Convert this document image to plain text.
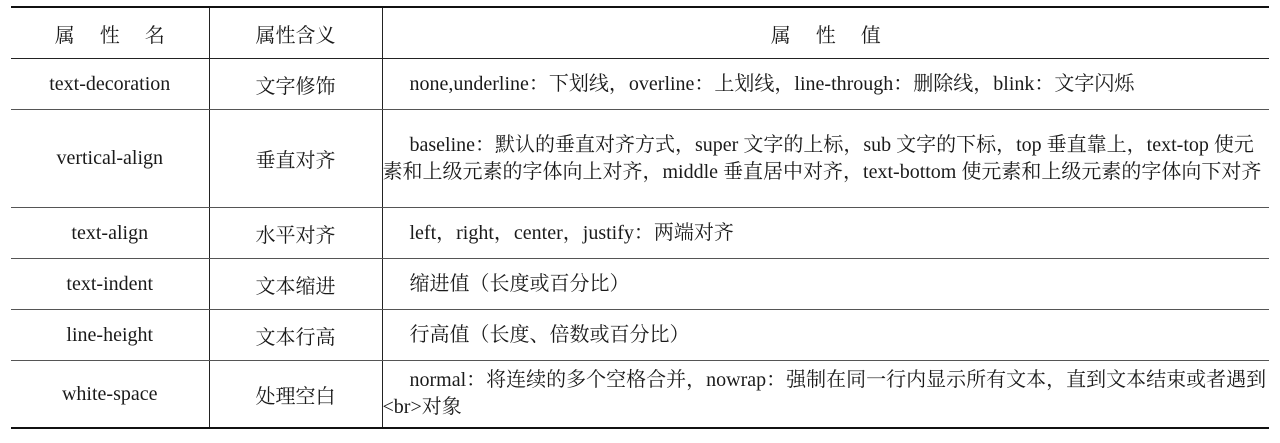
属 性 名	属性含义	属 性 值
text-decoration	文字修饰	none,underline：下划线，overline：上划线，line-through：删除线，blink：文字闪烁

vertical-align	垂直对齐	baseline：默认的垂直对齐方式，super 文字的上标，sub 文字的下标，top 垂直靠上，text-top 使元素和上级元素的字体向上对齐，middle 垂直居中对齐，text-bottom 使元素和上级元素的字体向下对齐

text-align	水平对齐	left，right，center，justify：两端对齐

text-indent	文本缩进	缩进值（长度或百分比）

line-height	文本行高	行高值（长度、倍数或百分比）

white-space	处理空白	normal：将连续的多个空格合并，nowrap：强制在同一行内显示所有文本，直到文本结束或者遇到<br>对象
